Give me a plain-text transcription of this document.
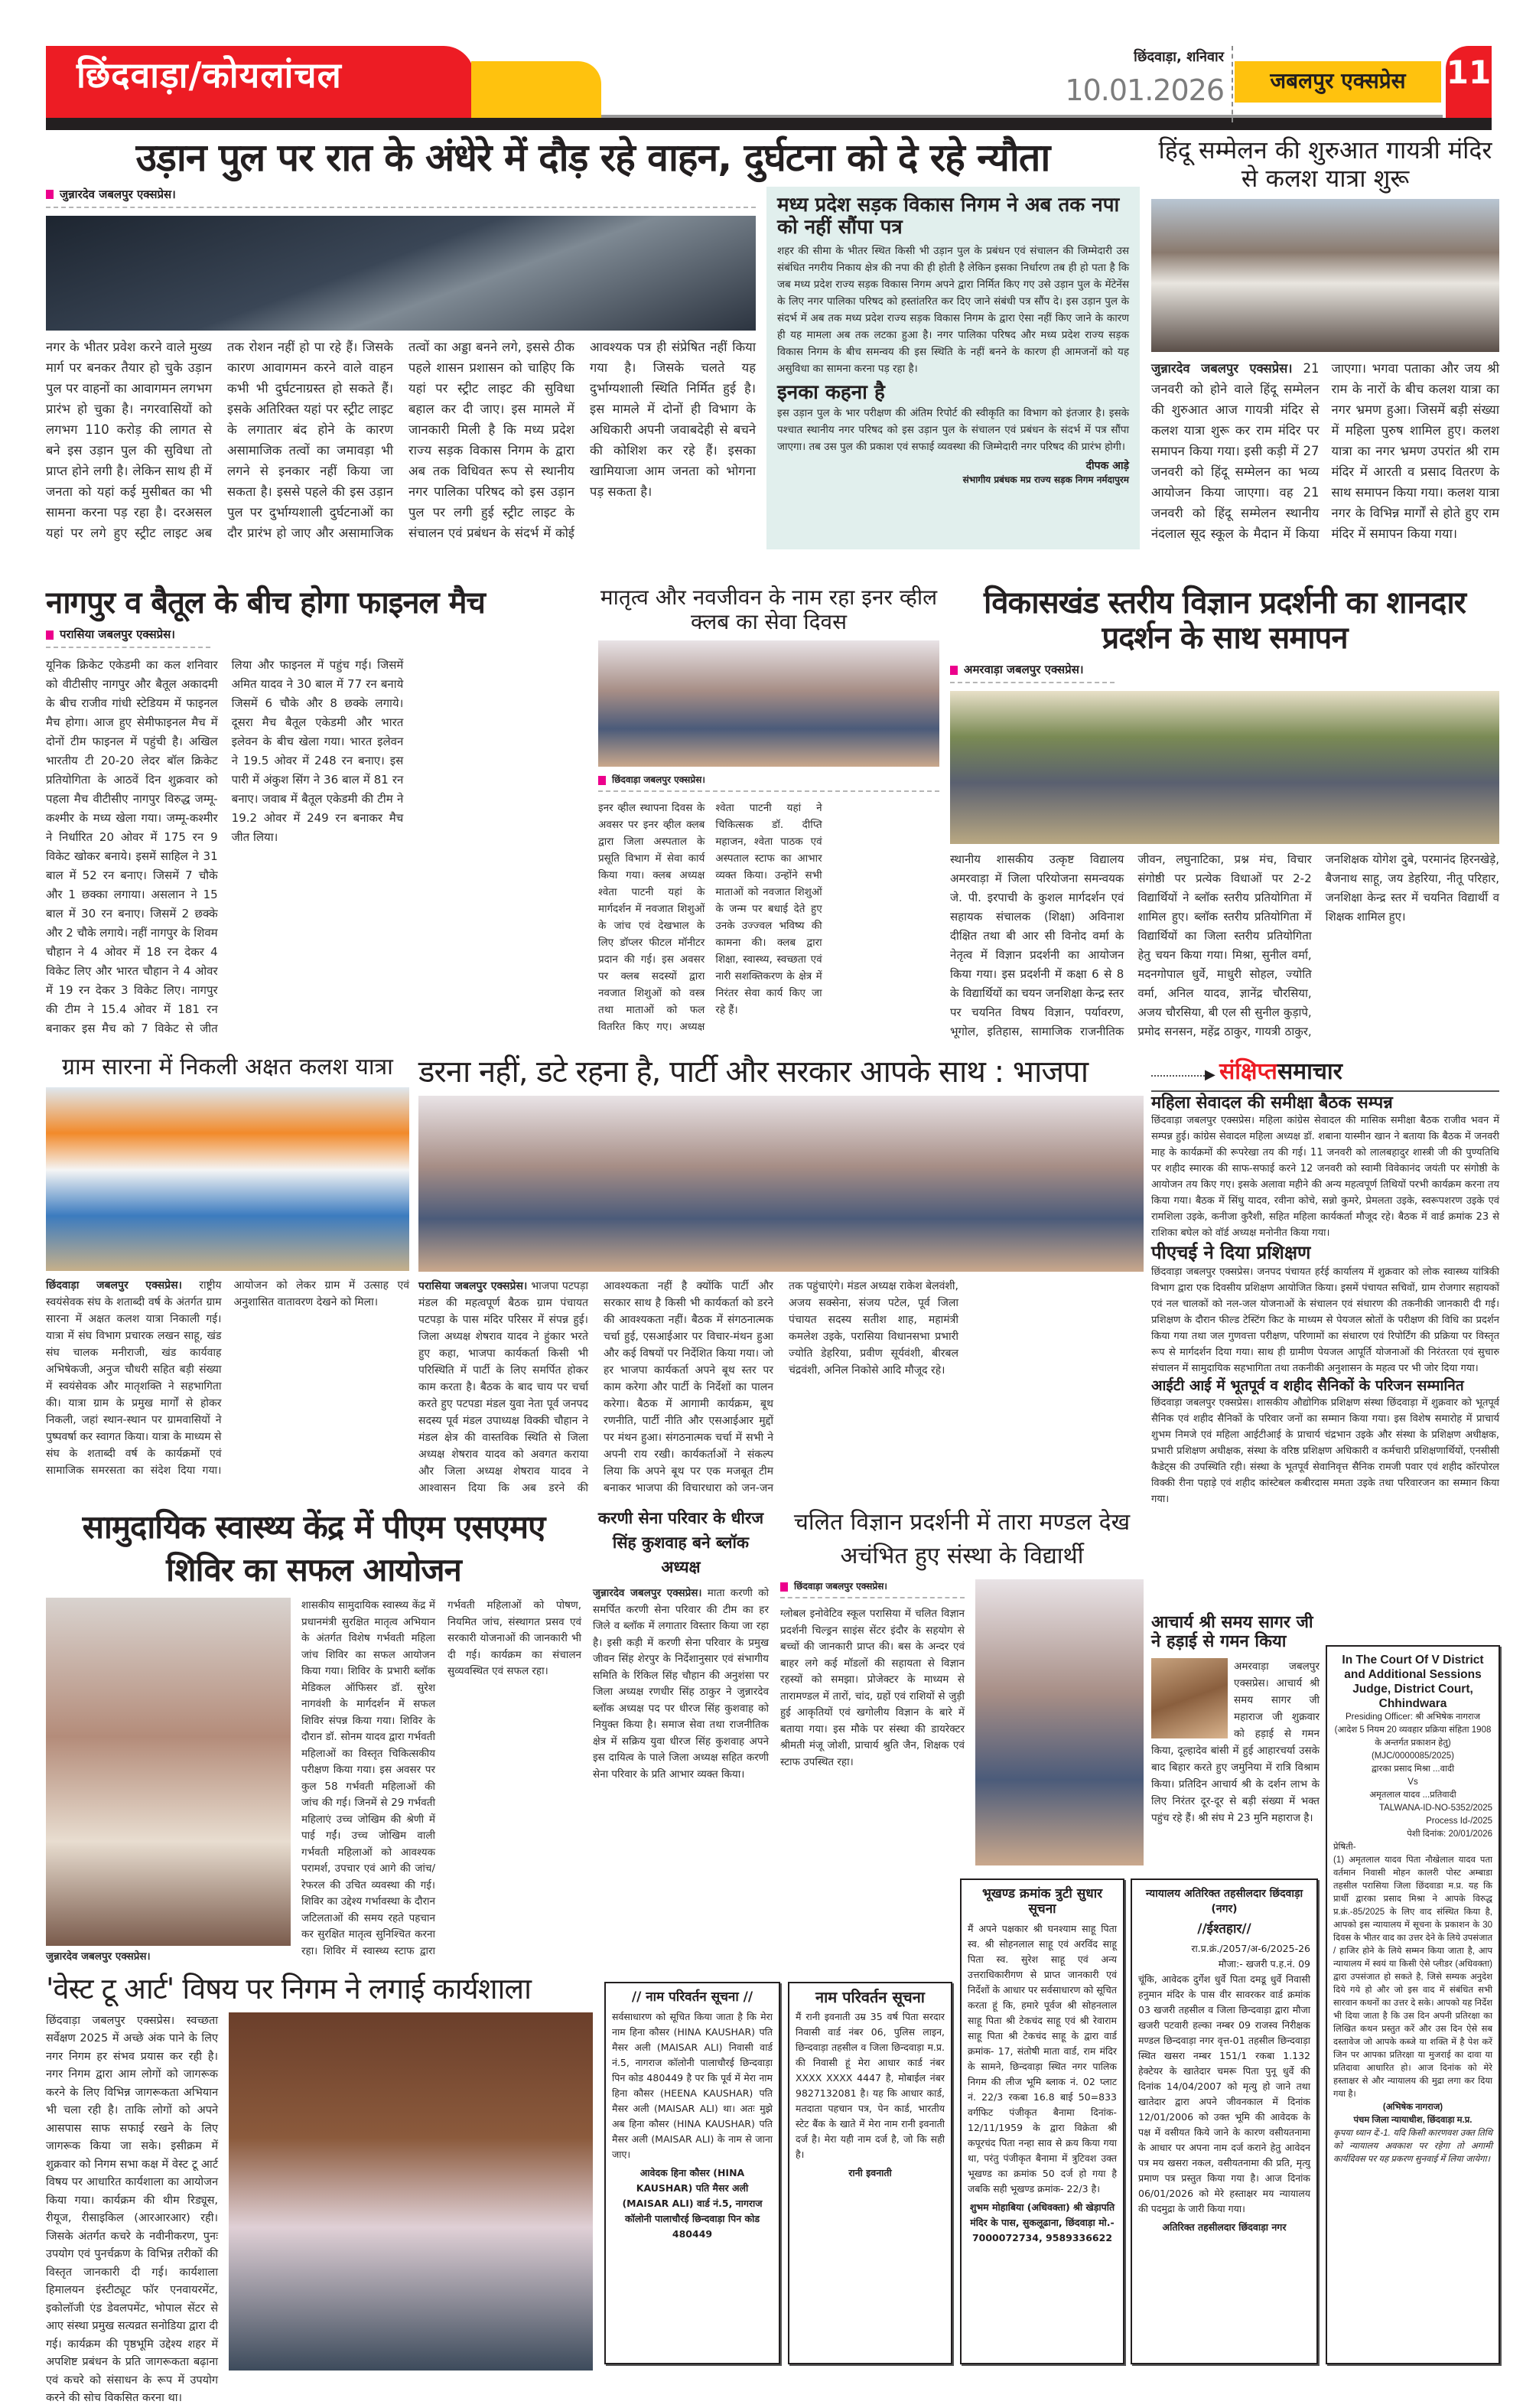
छिंदवाड़ा/कोयलांचल	छिंदवाड़ा, शनिवार
10.01.2026	जबलपुर एक्सप्रेस	11
उड़ान पुल पर रात के अंधेरे में दौड़ रहे वाहन, दुर्घटना को दे रहे न्यौता
जुन्नारदेव जबलपुर एक्सप्रेस।
नगर के भीतर प्रवेश करने वाले मुख्य मार्ग पर बनकर तैयार हो चुके उड़ान पुल पर वाहनों का आवागमन लगभग प्रारंभ हो चुका है। नगरवासियों को लगभग 110 करोड़ की लागत से बने इस उड़ान पुल की सुविधा तो प्राप्त होने लगी है। लेकिन साथ ही में जनता को यहां कई मुसीबत का भी सामना करना पड़ रहा है। दरअसल यहां पर लगे हुए स्ट्रीट लाइट अब तक रोशन नहीं हो पा रहे हैं। जिसके कारण आवागमन करने वाले वाहन कभी भी दुर्घटनाग्रस्त हो सकते हैं। इसके अतिरिक्त यहां पर स्ट्रीट लाइट के लगातार बंद होने के कारण असामाजिक तत्वों का जमावड़ा भी लगने से इनकार नहीं किया जा सकता है। इससे पहले की इस उड़ान पुल पर दुर्भाग्यशाली दुर्घटनाओं का दौर प्रारंभ हो जाए और असामाजिक तत्वों का अड्डा बनने लगे, इससे ठीक पहले शासन प्रशासन को चाहिए कि यहां पर स्ट्रीट लाइट की सुविधा बहाल कर दी जाए। इस मामले में जानकारी मिली है कि मध्य प्रदेश राज्य सड़क विकास निगम के द्वारा अब तक विधिवत रूप से स्थानीय नगर पालिका परिषद को इस उड़ान पुल पर लगी हुई स्ट्रीट लाइट के संचालन एवं प्रबंधन के संदर्भ में कोई आवश्यक पत्र ही संप्रेषित नहीं किया गया है। जिसके चलते यह दुर्भाग्यशाली स्थिति निर्मित हुई है। इस मामले में दोनों ही विभाग के अधिकारी अपनी जवाबदेही से बचने की कोशिश कर रहे हैं। इसका खामियाजा आम जनता को भोगना पड़ सकता है।
मध्य प्रदेश सड़क विकास निगम ने अब तक नपा को नहीं सौंपा पत्र

शहर की सीमा के भीतर स्थित किसी भी उड़ान पुल के प्रबंधन एवं संचालन की जिम्मेदारी उस संबंधित नगरीय निकाय क्षेत्र की नपा की ही होती है लेकिन इसका निर्धारण तब ही हो पता है कि जब मध्य प्रदेश राज्य सड़क विकास निगम अपने द्वारा निर्मित किए गए उसे उड़ान पुल के मेंटेनेंस के लिए नगर पालिका परिषद को हस्तांतरित कर दिए जाने संबंधी पत्र सौंप दे। इस उड़ान पुल के संदर्भ में अब तक मध्य प्रदेश राज्य सड़क विकास निगम के द्वारा ऐसा नहीं किए जाने के कारण ही यह मामला अब तक लटका हुआ है। नगर पालिका परिषद और मध्य प्रदेश राज्य सड़क विकास निगम के बीच समन्वय की इस स्थिति के नहीं बनने के कारण ही आमजनों को यह असुविधा का सामना करना पड़ रहा है।

इनका कहना है

इस उड़ान पुल के भार परीक्षण की अंतिम रिपोर्ट की स्वीकृति का विभाग को इंतजार है। इसके पश्चात स्थानीय नगर परिषद को इस उड़ान पुल के संचालन एवं प्रबंधन के संदर्भ में पत्र सौंपा जाएगा। तब उस पुल की प्रकाश एवं सफाई व्यवस्था की जिम्मेदारी नगर परिषद की प्रारंभ होगी।

दीपक आड़े

संभागीय प्रबंधक मप्र राज्य सड़क निगम नर्मदापुरम

हिंदू सम्मेलन की शुरुआत गायत्री मंदिर से कलश यात्रा शुरू
जुन्नारदेव जबलपुर एक्सप्रेस। 21 जनवरी को होने वाले हिंदू सम्मेलन की शुरुआत आज गायत्री मंदिर से कलश यात्रा शुरू कर राम मंदिर पर समापन किया गया। इसी कड़ी में 27 जनवरी को हिंदू सम्मेलन का भव्य आयोजन किया जाएगा। वह 21 जनवरी को हिंदू सम्मेलन स्थानीय नंदलाल सूद स्कूल के मैदान में किया जाएगा। भगवा पताका और जय श्री राम के नारों के बीच कलश यात्रा का नगर भ्रमण हुआ। जिसमें बड़ी संख्या में महिला पुरुष शामिल हुए। कलश यात्रा का नगर भ्रमण उपरांत श्री राम मंदिर में आरती व प्रसाद वितरण के साथ समापन किया गया। कलश यात्रा नगर के विभिन्न मार्गों से होते हुए राम मंदिर में समापन किया गया।
नागपुर व बैतूल के बीच होगा फाइनल मैच
परासिया जबलपुर एक्सप्रेस।
यूनिक क्रिकेट एकेडमी का कल शनिवार को वीटीसीए नागपुर और बैतूल अकादमी के बीच राजीव गांधी स्टेडियम में फाइनल मैच होगा। आज हुए सेमीफाइनल मैच में दोनों टीम फाइनल में पहुंची है। अखिल भारतीय टी 20-20 लेदर बॉल क्रिकेट प्रतियोगिता के आठवें दिन शुक्रवार को पहला मैच वीटीसीए नागपुर विरुद्ध जम्मू-कश्मीर के मध्य खेला गया। जम्मू-कश्मीर ने निर्धारित 20 ओवर में 175 रन 9 विकेट खोकर बनाये। इसमें साहिल ने 31 बाल में 52 रन बनाए। जिसमें 7 चौके और 1 छक्का लगाया। असलान ने 15 बाल में 30 रन बनाए। जिसमें 2 छक्के और 2 चौके लगाये। नहीं नागपुर के शिवम चौहान ने 4 ओवर में 18 रन देकर 4 विकेट लिए और भारत चौहान ने 4 ओवर में 19 रन देकर 3 विकेट लिए। नागपुर की टीम ने 15.4 ओवर में 181 रन बनाकर इस मैच को 7 विकेट से जीत लिया और फाइनल में पहुंच गई। जिसमें अमित यादव ने 30 बाल में 77 रन बनाये जिसमें 6 चौके और 8 छक्के लगाये। दूसरा मैच बैतूल एकेडमी और भारत इलेवन के बीच खेला गया। भारत इलेवन ने 19.5 ओवर में 248 रन बनाए। इस पारी में अंकुश सिंग ने 36 बाल में 81 रन बनाए। जवाब में बैतूल एकेडमी की टीम ने 19.2 ओवर में 249 रन बनाकर मैच जीत लिया।
मातृत्व और नवजीवन के नाम रहा इनर व्हील क्लब का सेवा दिवस
छिंदवाड़ा जबलपुर एक्सप्रेस।
इनर व्हील स्थापना दिवस के अवसर पर इनर व्हील क्लब द्वारा जिला अस्पताल के प्रसूति विभाग में सेवा कार्य किया गया। क्लब अध्यक्ष श्वेता पाटनी यहां के मार्गदर्शन में नवजात शिशुओं के जांच एवं देखभाल के लिए डॉप्लर फीटल मॉनीटर प्रदान की गई। इस अवसर पर क्लब सदस्यों द्वारा नवजात शिशुओं को वस्त्र तथा माताओं को फल वितरित किए गए। अध्यक्ष श्वेता पाटनी यहां ने चिकित्सक डॉ. दीप्ति महाजन, श्वेता पाठक एवं अस्पताल स्टाफ का आभार व्यक्त किया। उन्होंने सभी माताओं को नवजात शिशुओं के जन्म पर बधाई देते हुए उनके उज्ज्वल भविष्य की कामना की। क्लब द्वारा शिक्षा, स्वास्थ्य, स्वच्छता एवं नारी सशक्तिकरण के क्षेत्र में निरंतर सेवा कार्य किए जा रहे हैं।
विकासखंड स्तरीय विज्ञान प्रदर्शनी का शानदार प्रदर्शन के साथ समापन
अमरवाड़ा जबलपुर एक्सप्रेस।
स्थानीय शासकीय उत्कृष्ट विद्यालय अमरवाड़ा में जिला परियोजना समन्वयक जे. पी. इरपाची के कुशल मार्गदर्शन एवं सहायक संचालक (शिक्षा) अविनाश दीक्षित तथा बी आर सी विनोद वर्मा के नेतृत्व में विज्ञान प्रदर्शनी का आयोजन किया गया। इस प्रदर्शनी में कक्षा 6 से 8 के विद्यार्थियों का चयन जनशिक्षा केन्द्र स्तर पर चयनित विषय विज्ञान, पर्यावरण, भूगोल, इतिहास, सामाजिक राजनीतिक जीवन, लघुनाटिका, प्रश्न मंच, विचार संगोष्ठी पर प्रत्येक विधाओं पर 2-2 विद्यार्थियों ने ब्लॉक स्तरीय प्रतियोगिता में शामिल हुए। ब्लॉक स्तरीय प्रतियोगिता में विद्यार्थियों का जिला स्तरीय प्रतियोगिता हेतु चयन किया गया। मिश्रा, सुनील वर्मा, मदनगोपाल धुर्वे, माधुरी सोहल, ज्योति वर्मा, अनिल यादव, ज्ञानेंद्र चौरसिया, अजय चौरसिया, बी एल सी सुनील कुड़ापे, प्रमोद सनसन, महेंद्र ठाकुर, गायत्री ठाकुर, जनशिक्षक योगेश दुबे, परमानंद हिरनखेड़े, बैजनाथ साहू, जय डेहरिया, नीतू परिहार, जनशिक्षा केन्द्र स्तर में चयनित विद्यार्थी व शिक्षक शामिल हुए।
ग्राम सारना में निकली अक्षत कलश यात्रा
छिंदवाड़ा जबलपुर एक्सप्रेस। राष्ट्रीय स्वयंसेवक संघ के शताब्दी वर्ष के अंतर्गत ग्राम सारना में अक्षत कलश यात्रा निकाली गई। यात्रा में संघ विभाग प्रचारक लखन साहू, खंड संघ चालक मनीराजी, खंड कार्यवाह अभिषेकजी, अनुज चौधरी सहित बड़ी संख्या में स्वयंसेवक और मातृशक्ति ने सहभागिता की। यात्रा ग्राम के प्रमुख मार्गों से होकर निकली, जहां स्थान-स्थान पर ग्रामवासियों ने पुष्पवर्षा कर स्वागत किया। यात्रा के माध्यम से संघ के शताब्दी वर्ष के कार्यक्रमों एवं सामाजिक समरसता का संदेश दिया गया। आयोजन को लेकर ग्राम में उत्साह एवं अनुशासित वातावरण देखने को मिला।
डरना नहीं, डटे रहना है, पार्टी और सरकार आपके साथ : भाजपा
परासिया जबलपुर एक्सप्रेस। भाजपा पटपड़ा मंडल की महत्वपूर्ण बैठक ग्राम पंचायत पटपड़ा के पास मंदिर परिसर में संपन्न हुई। जिला अध्यक्ष शेषराव यादव ने हुंकार भरते हुए कहा, भाजपा कार्यकर्ता किसी भी परिस्थिति में पार्टी के लिए समर्पित होकर काम करता है। बैठक के बाद चाय पर चर्चा करते हुए पटपडा मंडल युवा नेता पूर्व जनपद सदस्य पूर्व मंडल उपाध्यक्ष विक्की चौहान ने मंडल क्षेत्र की वास्तविक स्थिति से जिला अध्यक्ष शेषराव यादव को अवगत कराया और जिला अध्यक्ष शेषराव यादव ने आश्वासन दिया कि अब डरने की आवश्यकता नहीं है क्योंकि पार्टी और सरकार साथ है किसी भी कार्यकर्ता को डरने की आवश्यकता नहीं। बैठक में संगठनात्मक चर्चा हुई, एसआईआर पर विचार-मंथन हुआ और कई विषयों पर निर्देशित किया गया। जो हर भाजपा कार्यकर्ता अपने बूथ स्तर पर काम करेगा और पार्टी के निर्देशों का पालन करेगा। बैठक में आगामी कार्यक्रम, बूथ रणनीति, पार्टी नीति और एसआईआर मुद्दों पर मंथन हुआ। संगठनात्मक चर्चा में सभी ने अपनी राय रखी। कार्यकर्ताओं ने संकल्प लिया कि अपने बूथ पर एक मजबूत टीम बनाकर भाजपा की विचारधारा को जन-जन तक पहुंचाएंगे। मंडल अध्यक्ष राकेश बेलवंशी, अजय सक्सेना, संजय पटेल, पूर्व जिला पंचायत सदस्य सतीश शाह, महामंत्री कमलेश उइके, परासिया विधानसभा प्रभारी ज्योति डेहरिया, प्रवीण सूर्यवंशी, बीरबल चंद्रवंशी, अनिल निकोसे आदि मौजूद रहे।
▶ संक्षिप्तसमाचार
महिला सेवादल की समीक्षा बैठक सम्पन्न

छिंदवाड़ा जबलपुर एक्सप्रेस। महिला कांग्रेस सेवादल की मासिक समीक्षा बैठक राजीव भवन में सम्पन्न हुई। कांग्रेस सेवादल महिला अध्यक्ष डॉ. शबाना यास्मीन खान ने बताया कि बैठक में जनवरी माह के कार्यक्रमों की रूपरेखा तय की गई। 11 जनवरी को लालबहादुर शास्त्री जी की पुण्यतिथि पर शहीद स्मारक की साफ-सफाई करने 12 जनवरी को स्वामी विवेकानंद जयंती पर संगोष्ठी के आयोजन तय किए गए। इसके अलावा महीने की अन्य महत्वपूर्ण तिथियों परभी कार्यक्रम करना तय किया गया। बैठक में सिंधु यादव, रवीना कोचे, सन्नो कुमरे, प्रेमलता उइके, स्वरूपशरण उइके एवं रामशिला उइके, कनीजा कुरैशी, सहित महिला कार्यकर्ता मौजूद रहे। बैठक में वार्ड क्रमांक 23 से राशिका बघेल को वॉर्ड अध्यक्ष मनोनीत किया गया।

पीएचई ने दिया प्रशिक्षण

छिंदवाड़ा जबलपुर एक्सप्रेस। जनपद पंचायत हर्रई कार्यालय में शुक्रवार को लोक स्वास्थ्य यांत्रिकी विभाग द्वारा एक दिवसीय प्रशिक्षण आयोजित किया। इसमें पंचायत सचिवों, ग्राम रोजगार सहायकों एवं नल चालकों को नल-जल योजनाओं के संचालन एवं संधारण की तकनीकी जानकारी दी गई। प्रशिक्षण के दौरान फील्ड टेस्टिंग किट के माध्यम से पेयजल स्रोतों के परीक्षण की विधि का प्रदर्शन किया गया तथा जल गुणवत्ता परीक्षण, परिणामों का संधारण एवं रिपोर्टिंग की प्रक्रिया पर विस्तृत रूप से मार्गदर्शन दिया गया। साथ ही ग्रामीण पेयजल आपूर्ति योजनाओं की निरंतरता एवं सुचारु संचालन में सामुदायिक सहभागिता तथा तकनीकी अनुशासन के महत्व पर भी जोर दिया गया।

आईटी आई में भूतपूर्व व शहीद सैनिकों के परिजन सम्मानित

छिंदवाड़ा जबलपुर एक्सप्रेस। शासकीय औद्योगिक प्रशिक्षण संस्था छिंदवाड़ा में शुक्रवार को भूतपूर्व सैनिक एवं शहीद सैनिकों के परिवार जनों का सम्मान किया गया। इस विशेष समारोह में प्राचार्य शुभम निमजे एवं महिला आईटीआई के प्राचार्य चंद्रभान उइके और संस्था के प्रशिक्षण अधीक्षक, प्रभारी प्रशिक्षण अधीक्षक, संस्था के वरिष्ठ प्रशिक्षण अधिकारी व कर्मचारी प्रशिक्षणार्थियों, एनसीसी कैडेट्स की उपस्थिति रही। संस्था के भूतपूर्व सेवानिवृत्त सैनिक रामजी पवार एवं शहीद कॉरपोरल विक्की रीना पहाड़े एवं शहीद कांस्टेबल कबीरदास ममता उइके तथा परिवारजन का सम्मान किया गया।

आचार्य श्री समय सागर जी ने हड़ाई से गमन किया
अमरवाड़ा जबलपुर एक्सप्रेस। आचार्य श्री समय सागर जी महाराज जी शुक्रवार को हड़ाई से गमन किया, दूल्हादेव बांसी में हुई आहारचर्या उसके बाद बिहार करते हुए जमुनिया में रात्रि विश्राम किया। प्रतिदिन आचार्य श्री के दर्शन लाभ के लिए निरंतर दूर-दूर से बड़ी संख्या में भक्त पहुंच रहे हैं। श्री संघ मे 23 मुनि महाराज है।

In The Court Of V District and Additional Sessions Judge, District Court, Chhindwara

Presiding Officer: श्री अभिषेक नागराज

(आदेश 5 नियम 20 व्यवहार प्रक्रिया संहिता 1908 के अन्तर्गत प्रकाशन हेतु)

(MJC/0000085/2025)

द्वारका प्रसाद मिश्रा ...वादी

Vs

अमृतलाल यादव ...प्रतिवादी

TALWANA-ID-NO-5352/2025

Process Id-/2025

पेशी दिनांक: 20/01/2026

प्रेषिती-

(1) अमृतलाल यादव पिता नौखेलाल यादव पता वर्तमान निवासी मोहन कालरी पोस्ट अम्बाडा तहसील परासिया जिला छिंदवाडा म.प्र. यह कि प्रार्थी द्वारका प्रसाद मिश्रा ने आपके विरुद्ध प्र.क्रं.-85/2025 के लिए वाद संस्थित किया है, आपको इस न्यायालय में सूचना के प्रकाशन के 30 दिवस के भीतर वाद का उत्तर देने के लिये उपसंजात / हाजिर होने के लिये सम्मन किया जाता है, आप न्यायालय में स्वयं या किसी ऐसे प्लीडर (अधिवक्ता) द्वारा उपसंजात हो सकते है, जिसे सम्यक अनुदेश दिये गये हो और जो इस वाद में संबंधित सभी सारवान कथनों का उत्तर दे सके। आपको यह निर्देश भी दिया जाता है कि उस दिन अपनी प्रतिरक्षा का लिखित कथन प्रस्तुत करें और उस दिन ऐसे सब दस्तावेज जो आपके कब्जे या शक्ति में है पेश करें जिन पर आपका प्रतिरक्षा या मुजराई का दावा या प्रतिदावा आधारित हो। आज दिनांक को मेरे हस्ताक्षर से और न्यायालय की मुद्रा लगा कर दिया गया है।

(अभिषेक नागराज)

पंचम जिला न्यायाधीश, छिंदवाड़ा म.प्र.

कृपया ध्यान दें:-1. यदि किसी कारणवश उक्त तिथि को न्यायालय अवकाश पर रहेगा तो अगामी कार्यदिवस पर यह प्रकरण सुनवाई में लिया जायेगा।

सामुदायिक स्वास्थ्य केंद्र में पीएम एसएमए शिविर का सफल आयोजन
जुन्नारदेव जबलपुर एक्सप्रेस।
शासकीय सामुदायिक स्वास्थ्य केंद्र में प्रधानमंत्री सुरक्षित मातृत्व अभियान के अंतर्गत विशेष गर्भवती महिला जांच शिविर का सफल आयोजन किया गया। शिविर के प्रभारी ब्लॉक मेडिकल ऑफिसर डॉ. सुरेश नागवंशी के मार्गदर्शन में सफल शिविर संपन्न किया गया। शिविर के दौरान डॉ. सोनम यादव द्वारा गर्भवती महिलाओं का विस्तृत चिकित्सकीय परीक्षण किया गया। इस अवसर पर कुल 58 गर्भवती महिलाओं की जांच की गई। जिनमें से 29 गर्भवती महिलाएं उच्च जोखिम की श्रेणी में पाई गईं। उच्च जोखिम वाली गर्भवती महिलाओं को आवश्यक परामर्श, उपचार एवं आगे की जांच/रेफरल की उचित व्यवस्था की गई। शिविर का उद्देश्य गर्भावस्था के दौरान जटिलताओं की समय रहते पहचान कर सुरक्षित मातृत्व सुनिश्चित करना रहा। शिविर में स्वास्थ्य स्टाफ द्वारा गर्भवती महिलाओं को पोषण, नियमित जांच, संस्थागत प्रसव एवं सरकारी योजनाओं की जानकारी भी दी गई। कार्यक्रम का संचालन सुव्यवस्थित एवं सफल रहा।
करणी सेना परिवार के धीरज सिंह कुशवाह बने ब्लॉक अध्यक्ष
जुन्नारदेव जबलपुर एक्सप्रेस। माता करणी को समर्पित करणी सेना परिवार की टीम का हर जिले व ब्लॉक में लगातार विस्तार किया जा रहा है। इसी कड़ी में करणी सेना परिवार के प्रमुख जीवन सिंह शेरपुर के निर्देशानुसार एवं संभागीय समिति के रिंकिल सिंह चौहान की अनुशंसा पर जिला अध्यक्ष रणधीर सिंह ठाकुर ने जुन्नारदेव ब्लॉक अध्यक्ष पद पर धीरज सिंह कुशवाह को नियुक्त किया है। समाज सेवा तथा राजनीतिक क्षेत्र में सक्रिय युवा धीरज सिंह कुशवाह अपने इस दायित्व के पाले जिला अध्यक्ष सहित करणी सेना परिवार के प्रति आभार व्यक्त किया।
चलित विज्ञान प्रदर्शनी में तारा मण्डल देख अचंभित हुए संस्था के विद्यार्थी
छिंदवाड़ा जबलपुर एक्सप्रेस।
ग्लोबल इनोवेटिव स्कूल परासिया में चलित विज्ञान प्रदर्शनी चिल्ड्रन साइंस सेंटर इंदौर के सहयोग से बच्चों की जानकारी प्राप्त की। बस के अन्दर एवं बाहर लगे कई मॉडलों की सहायता से विज्ञान रहस्यों को समझा। प्रोजेक्टर के माध्यम से तारामण्डल में तारों, चांद, ग्रहों एवं राशियों से जुड़ी हुई आकृतियों एवं खगोलीय विज्ञान के बारे में बताया गया। इस मौके पर संस्था की डायरेक्टर श्रीमती मंजू जोशी, प्राचार्य श्रुति जैन, शिक्षक एवं स्टाफ उपस्थित रहा।
'वेस्ट टू आर्ट' विषय पर निगम ने लगाई कार्यशाला
छिंदवाड़ा जबलपुर एक्सप्रेस। स्वच्छता सर्वेक्षण 2025 में अच्छे अंक पाने के लिए नगर निगम हर संभव प्रयास कर रही है। नगर निगम द्वारा आम लोगों को जागरूक करने के लिए विभिन्न जागरूकता अभियान भी चला रही है। ताकि लोगों को अपने आसपास साफ सफाई रखने के लिए जागरूक किया जा सके। इसीक्रम में शुक्रवार को निगम सभा कक्ष में वेस्ट टू आर्ट विषय पर आधारित कार्यशाला का आयोजन किया गया। कार्यक्रम की थीम रिड्यूस, रीयूज, रीसाइकिल (आरआरआर) रही। जिसके अंतर्गत कचरे के नवीनीकरण, पुनः उपयोग एवं पुनर्चक्रण के विभिन्न तरीकों की विस्तृत जानकारी दी गई। कार्यशाला हिमालयन इंस्टीट्यूट फॉर एनवायरमेंट, इकोलॉजी एंड डेवलपमेंट, भोपाल सेंटर से आए संस्था प्रमुख सत्यव्रत सनोडिया द्वारा दी गई। कार्यक्रम की पृष्ठभूमि उद्देश्य शहर में अपशिष्ट प्रबंधन के प्रति जागरूकता बढ़ाना एवं कचरे को संसाधन के रूप में उपयोग करने की सोच विकसित करना था।
// नाम परिवर्तन सूचना //

सर्वसाधारण को सूचित किया जाता है कि मेरा नाम हिना कौसर (HINA KAUSHAR) पति मैसर अली (MAISAR ALI) निवासी वार्ड नं.5, नागराज कॉलोनी पालाचौरई छिन्दवाड़ा पिन कोड 480449 है पर कि पूर्व में मेरा नाम हिना कौसर (HEENA KAUSHAR) पति मैसर अली (MAISAR ALI) था। अतः मुझे अब हिना कौसर (HINA KAUSHAR) पति मैसर अली (MAISAR ALI) के नाम से जाना जाए।

आवेदक हिना कौसर (HINA KAUSHAR) पति मैसर अली (MAISAR ALI) वार्ड नं.5, नागराज कॉलोनी पालाचौरई छिन्दवाड़ा पिन कोड 480449

नाम परिवर्तन सूचना

मैं रानी इवनाती उम्र 35 वर्ष पिता सरदार निवासी वार्ड नंबर 06, पुलिस लाइन, छिन्दवाड़ा तहसील व जिला छिन्दवाड़ा म.प्र. की निवासी हूं मेरा आधार कार्ड नंबर XXXX XXXX 4447 है, मोबाईल नंबर 9827132081 है। यह कि आधार कार्ड, मतदाता पहचान पत्र, पेन कार्ड, भारतीय स्टेट बैंक के खाते में मेरा नाम रानी इवनाती दर्ज है। मेरा यही नाम दर्ज है, जो कि सही है।

रानी इवनाती

भूखण्ड क्रमांक त्रुटी सुधार सूचना

मैं अपने पक्षकार श्री घनश्याम साहू पिता स्व. श्री सोहनलाल साहू एवं अरविंद साहू पिता स्व. सुरेश साहू एवं अन्य उत्तराधिकारीगण से प्राप्त जानकारी एवं निर्देशों के आधार पर सर्वसाधारण को सूचित करता हूं कि, हमारे पूर्वज श्री सोहनलाल साहू पिता श्री टेकचंद साहू एवं श्री रेवाराम साहू पिता श्री टेकचंद साहू के द्वारा वार्ड क्रमांक- 17, संतोषी माता वार्ड, राम मंदिर के सामने, छिन्दवाड़ा स्थित नगर पालिक निगम की लीज भूमि ब्लाक नं. 02 प्लाट नं. 22/3 रकबा 16.8 बाई 50=833 वर्गफिट पंजीकृत बैनामा दिनांक- 12/11/1959 के द्वारा विक्रेता श्री कपूरचंद पिता नन्हा साव से क्रय किया गया था, परंतु पंजीकृत बैनामा में त्रुटिवश उक्त भूखण्ड का क्रमांक 50 दर्ज हो गया है जबकि सही भूखण्ड क्रमांक- 22/3 है।

शुभम मोहाबिया (अधिवक्ता) श्री खेड़ापति मंदिर के पास, सुकलूढाना, छिंदवाड़ा मो.- 7000072734, 9589336622

न्यायालय अतिरिक्त तहसीलदार छिंदवाड़ा (नगर)
//ईश्तहार//

रा.प्र.क्रं./2057/अ-6/2025-26

मौजा:- खजरी प.ह.नं. 09

चूंकि, आवेदक दुर्गेश धुर्वे पिता दमडू धुर्वे निवासी हनुमान मंदिर के पास वीर सावरकर वार्ड क्रमांक 03 खजरी तहसील व जिला छिन्दवाड़ा द्वारा मौजा खजरी पटवारी हल्का नम्बर 09 राजस्व निरीक्षक मण्डल छिन्दवाड़ा नगर वृत्त-01 तहसील छिन्दवाड़ा स्थित खसरा नम्बर 151/1 रकबा 1.132 हेक्टेयर के खातेदार चमरू पिता पुनू धुर्वे की दिनांक 14/04/2007 को मृत्यु हो जाने तथा खातेदार द्वारा अपने जीवनकाल में दिनांक 12/01/2006 को उक्त भूमि की आवेदक के पक्ष में वसीयत किये जाने के कारण वसीयतनामा के आधार पर अपना नाम दर्ज कराने हेतु आवेदन पत्र मय खसरा नकल, वसीयतनामा की प्रति, मृत्यु प्रमाण पत्र प्रस्तुत किया गया है। आज दिनांक 06/01/2026 को मेरे हस्ताक्षर मय न्यायालय की पदमुद्रा के जारी किया गया।

अतिरिक्त तहसीलदार छिंदवाड़ा नगर
